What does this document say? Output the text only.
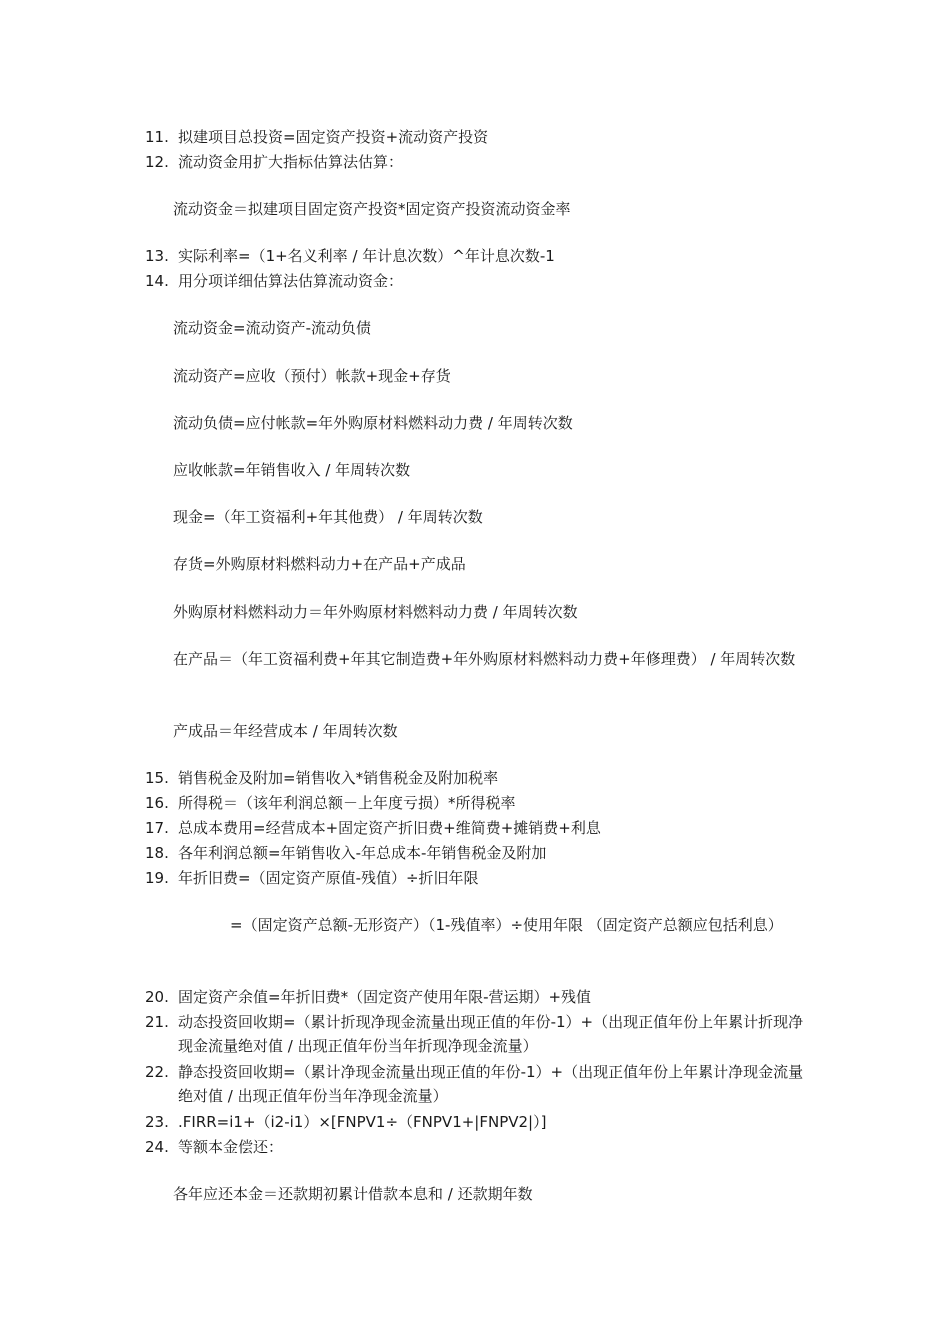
11. 拟建项目总投资=固定资产投资+流动资产投资
12. 流动资金用扩大指标估算法估算：
流动资金＝拟建项目固定资产投资*固定资产投资流动资金率
13. 实际利率=（1+名义利率 / 年计息次数）^年计息次数-1
14. 用分项详细估算法估算流动资金：
流动资金=流动资产-流动负债
流动资产=应收（预付）帐款+现金+存货
流动负债=应付帐款=年外购原材料燃料动力费 / 年周转次数
应收帐款=年销售收入 / 年周转次数
现金=（年工资福利+年其他费） / 年周转次数
存货=外购原材料燃料动力+在产品+产成品
外购原材料燃料动力＝年外购原材料燃料动力费 / 年周转次数
在产品＝（年工资福利费+年其它制造费+年外购原材料燃料动力费+年修理费） / 年周转次数
产成品＝年经营成本 / 年周转次数
15. 销售税金及附加=销售收入*销售税金及附加税率
16. 所得税＝（该年利润总额－上年度亏损）*所得税率
17. 总成本费用=经营成本+固定资产折旧费+维简费+摊销费+利息
18. 各年利润总额=年销售收入-年总成本-年销售税金及附加
19. 年折旧费=（固定资产原值-残值）÷折旧年限
=（固定资产总额-无形资产）（1-残值率）÷使用年限 （固定资产总额应包括利息）
20. 固定资产余值=年折旧费*（固定资产使用年限-营运期）+残值
21. 动态投资回收期=（累计折现净现金流量出现正值的年份-1）+（出现正值年份上年累计折现净现金流量绝对值 / 出现正值年份当年折现净现金流量）
22. 静态投资回收期=（累计净现金流量出现正值的年份-1）+（出现正值年份上年累计净现金流量绝对值 / 出现正值年份当年净现金流量）
23. .FIRR=i1+（i2-i1）×[FNPV1÷（FNPV1+|FNPV2|）]
24. 等额本金偿还：
各年应还本金＝还款期初累计借款本息和 / 还款期年数
